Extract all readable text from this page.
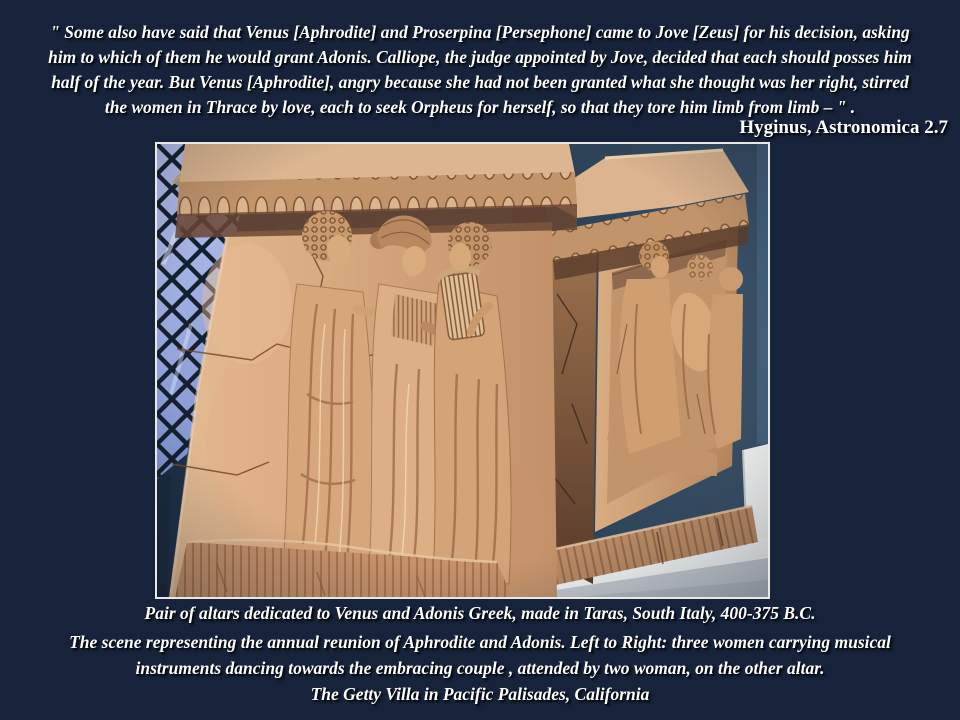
" Some also have said that Venus [Aphrodite] and Proserpina [Persephone] came to Jove [Zeus] for his decision, asking
him to which of them he would grant Adonis. Calliope, the judge appointed by Jove, decided that each should posses him
half of the year. But Venus [Aphrodite], angry because she had not been granted what she thought was her right, stirred
the women in Thrace by love, each to seek Orpheus for herself, so that they tore him limb from limb – " .
Hyginus, Astronomica 2.7
Pair of altars dedicated to Venus and Adonis Greek, made in Taras, South Italy, 400-375 B.C.
The scene representing the annual reunion of Aphrodite and Adonis. Left to Right: three women carrying musical
instruments dancing towards the embracing couple , attended by two woman, on the other altar.
The Getty Villa in Pacific Palisades, California
